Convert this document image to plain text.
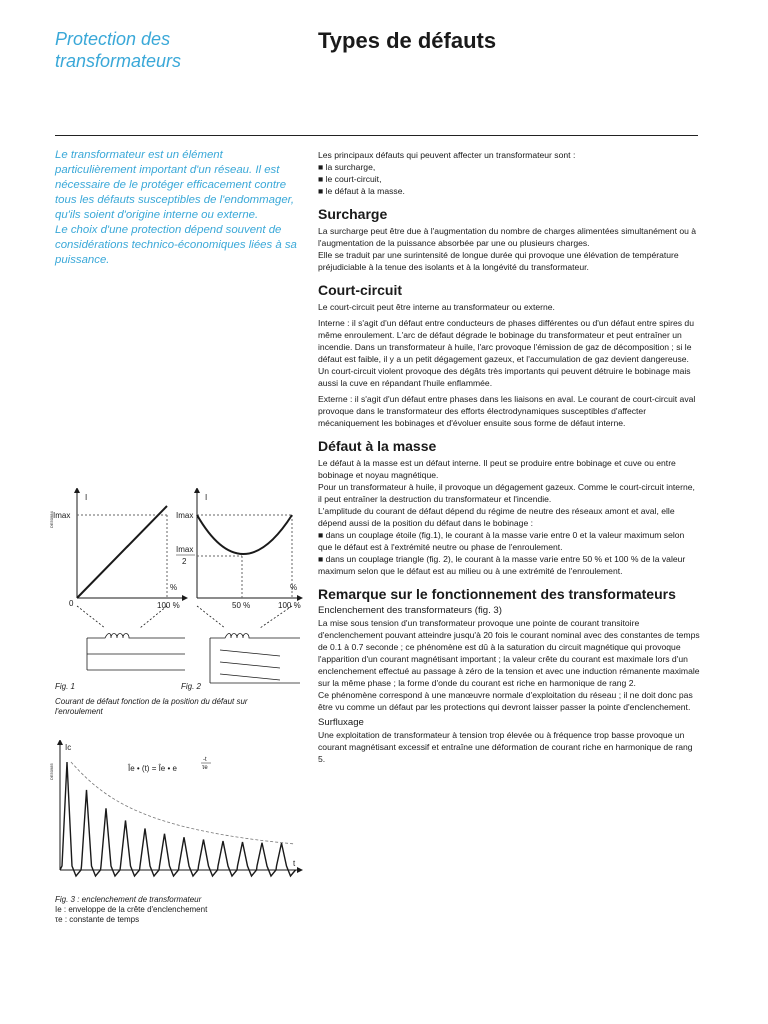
Protection des
transformateurs
Types de défauts

Le transformateur est un élément particulièrement important d'un réseau. Il est nécessaire de le protéger efficacement contre tous les défauts susceptibles de l'endommager, qu'ils soient d'origine interne ou externe.

Le choix d'une protection dépend souvent de considérations technico-économiques liées à sa puissance.

Les principaux défauts qui peuvent affecter un transformateur sont :

■ la surcharge,

■ le court-circuit,

■ le défaut à la masse.

Surcharge

La surcharge peut être due à l'augmentation du nombre de charges alimentées simultanément ou à l'augmentation de la puissance absorbée par une ou plusieurs charges.

Elle se traduit par une surintensité de longue durée qui provoque une élévation de température préjudiciable à la tenue des isolants et à la longévité du transformateur.

Court-circuit

Le court-circuit peut être interne au transformateur ou externe.

Interne : il s'agit d'un défaut entre conducteurs de phases différentes ou d'un défaut entre spires du même enroulement. L'arc de défaut dégrade le bobinage du transformateur et peut entraîner un incendie. Dans un transformateur à huile, l'arc provoque l'émission de gaz de décomposition ; si le défaut est faible, il y a un petit dégagement gazeux, et l'accumulation de gaz devient dangereuse.

Un court-circuit violent provoque des dégâts très importants qui peuvent détruire le bobinage mais aussi la cuve en répandant l'huile enflammée.

Externe : il s'agit d'un défaut entre phases dans les liaisons en aval. Le courant de court-circuit aval provoque dans le transformateur des efforts électrodynamiques susceptibles d'affecter mécaniquement les bobinages et d'évoluer ensuite sous forme de défaut interne.

Défaut à la masse

Le défaut à la masse est un défaut interne. Il peut se produire entre bobinage et cuve ou entre bobinage et noyau magnétique.

Pour un transformateur à huile, il provoque un dégagement gazeux. Comme le court-circuit interne, il peut entraîner la destruction du transformateur et l'incendie.

L'amplitude du courant de défaut dépend du régime de neutre des réseaux amont et aval, elle dépend aussi de la position du défaut dans le bobinage :

■ dans un couplage étoile (fig.1), le courant à la masse varie entre 0 et la valeur maximum selon que le défaut est à l'extrémité neutre ou phase de l'enroulement.

■ dans un couplage triangle (fig. 2), le courant à la masse varie entre 50 % et 100 % de la valeur maximum selon que le défaut est au milieu ou à une extrémité de l'enroulement.

Remarque sur le fonctionnement des transformateurs
Enclenchement des transformateurs (fig. 3)

La mise sous tension d'un transformateur provoque une pointe de courant transitoire d'enclenchement pouvant atteindre jusqu'à 20 fois le courant nominal avec des constantes de temps de 0.1 à 0.7 seconde ; ce phénomène est dû à la saturation du circuit magnétique qui provoque l'apparition d'un courant magnétisant important ; la valeur crête du courant est maximale lors d'un enclenchement effectué au passage à zéro de la tension et avec une induction rémanente maximale sur la même phase ; la forme d'onde du courant est riche en harmonique de rang 2.

Ce phénomène correspond à une manœuvre normale d'exploitation du réseau ; il ne doit donc pas être vu comme un défaut par les protections qui devront laisser passer la pointe d'enclenchement.

Surfluxage

Une exploitation de transformateur à tension trop élevée ou à fréquence trop basse provoque un courant magnétisant excessif et entraîne une déformation de courant riche en harmonique de rang 5.

DE50984
I
Imax
0	100 %
%
Fig. 1
I
Imax
Imax
2
50 %	100 %
%
Fig. 2
Courant de défaut fonction de la position du défaut sur l'enroulement
DE50985
Ic
t
Îe • (t) = Îe • e
-t
τe
Fig. 3 : enclenchement de transformateur
Ie : enveloppe de la crête d'enclenchement
τe : constante de temps
